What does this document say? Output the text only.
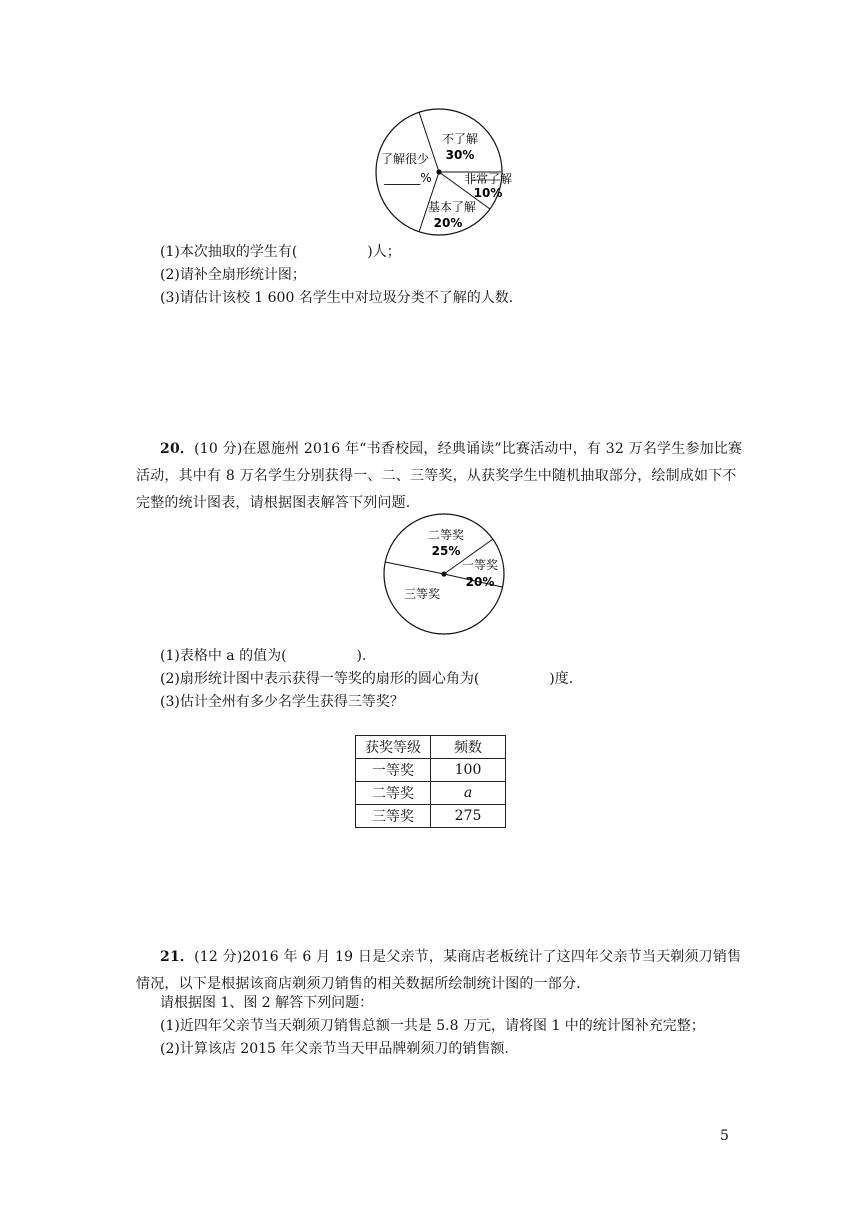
不了解
30%
了解很少
______%	非常了解
10%
基本了解
20%
(1)本次抽取的学生有(　　　　　)人；
(2)请补全扇形统计图；
(3)请估计该校 1 600 名学生中对垃圾分类不了解的人数.
20．(10 分)在恩施州 2016 年“书香校园，经典诵读”比赛活动中，有 32 万名学生参加比赛活动，其中有 8 万名学生分别获得一、二、三等奖，从获奖学生中随机抽取部分，绘制成如下不完整的统计图表，请根据图表解答下列问题.
二等奖
25%
一等奖
20%
三等奖
(1)表格中 a 的值为(　　　　　).
(2)扇形统计图中表示获得一等奖的扇形的圆心角为(　　　　　)度.
(3)估计全州有多少名学生获得三等奖？
获奖等级	频数
一等奖	100
二等奖	a
三等奖	275
21．(12 分)2016 年 6 月 19 日是父亲节，某商店老板统计了这四年父亲节当天剃须刀销售情况，以下是根据该商店剃须刀销售的相关数据所绘制统计图的一部分.
请根据图 1、图 2 解答下列问题：
(1)近四年父亲节当天剃须刀销售总额一共是 5.8 万元，请将图 1 中的统计图补充完整；
(2)计算该店 2015 年父亲节当天甲品牌剃须刀的销售额.
5
